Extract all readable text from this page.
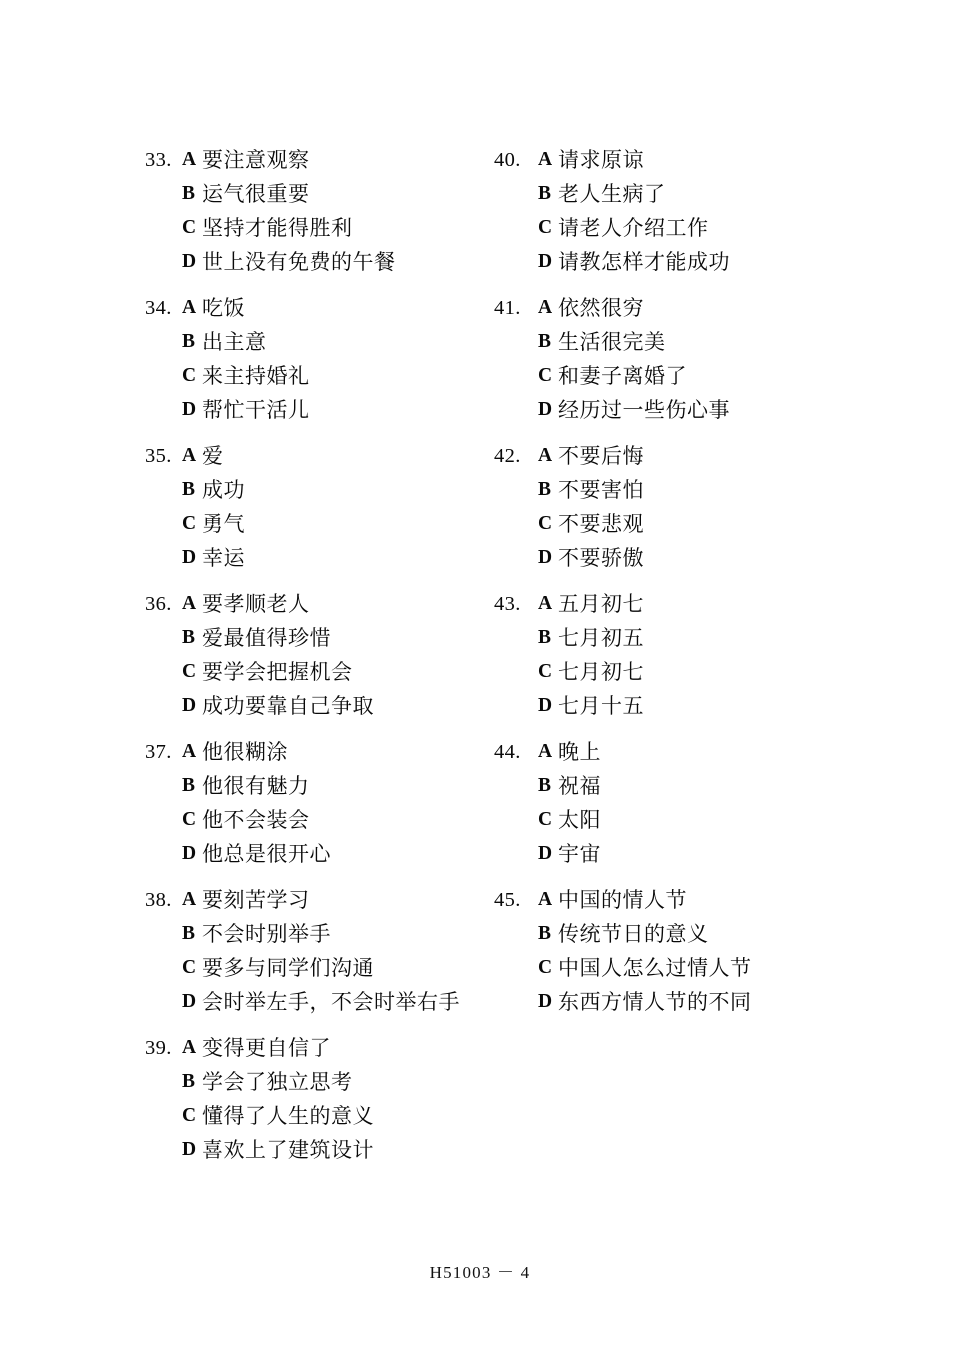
33. A 要注意观察
B 运气很重要
C 坚持才能得胜利
D 世上没有免费的午餐
34. A 吃饭
B 出主意
C 来主持婚礼
D 帮忙干活儿
35. A 爱
B 成功
C 勇气
D 幸运
36. A 要孝顺老人
B 爱最值得珍惜
C 要学会把握机会
D 成功要靠自己争取
37. A 他很糊涂
B 他很有魅力
C 他不会装会
D 他总是很开心
38. A 要刻苦学习
B 不会时别举手
C 要多与同学们沟通
D 会时举左手，不会时举右手
39. A 变得更自信了
B 学会了独立思考
C 懂得了人生的意义
D 喜欢上了建筑设计
40. A 请求原谅
B 老人生病了
C 请老人介绍工作
D 请教怎样才能成功
41. A 依然很穷
B 生活很完美
C 和妻子离婚了
D 经历过一些伤心事
42. A 不要后悔
B 不要害怕
C 不要悲观
D 不要骄傲
43. A 五月初七
B 七月初五
C 七月初七
D 七月十五
44. A 晚上
B 祝福
C 太阳
D 宇宙
45. A 中国的情人节
B 传统节日的意义
C 中国人怎么过情人节
D 东西方情人节的不同
H51003 － 4
